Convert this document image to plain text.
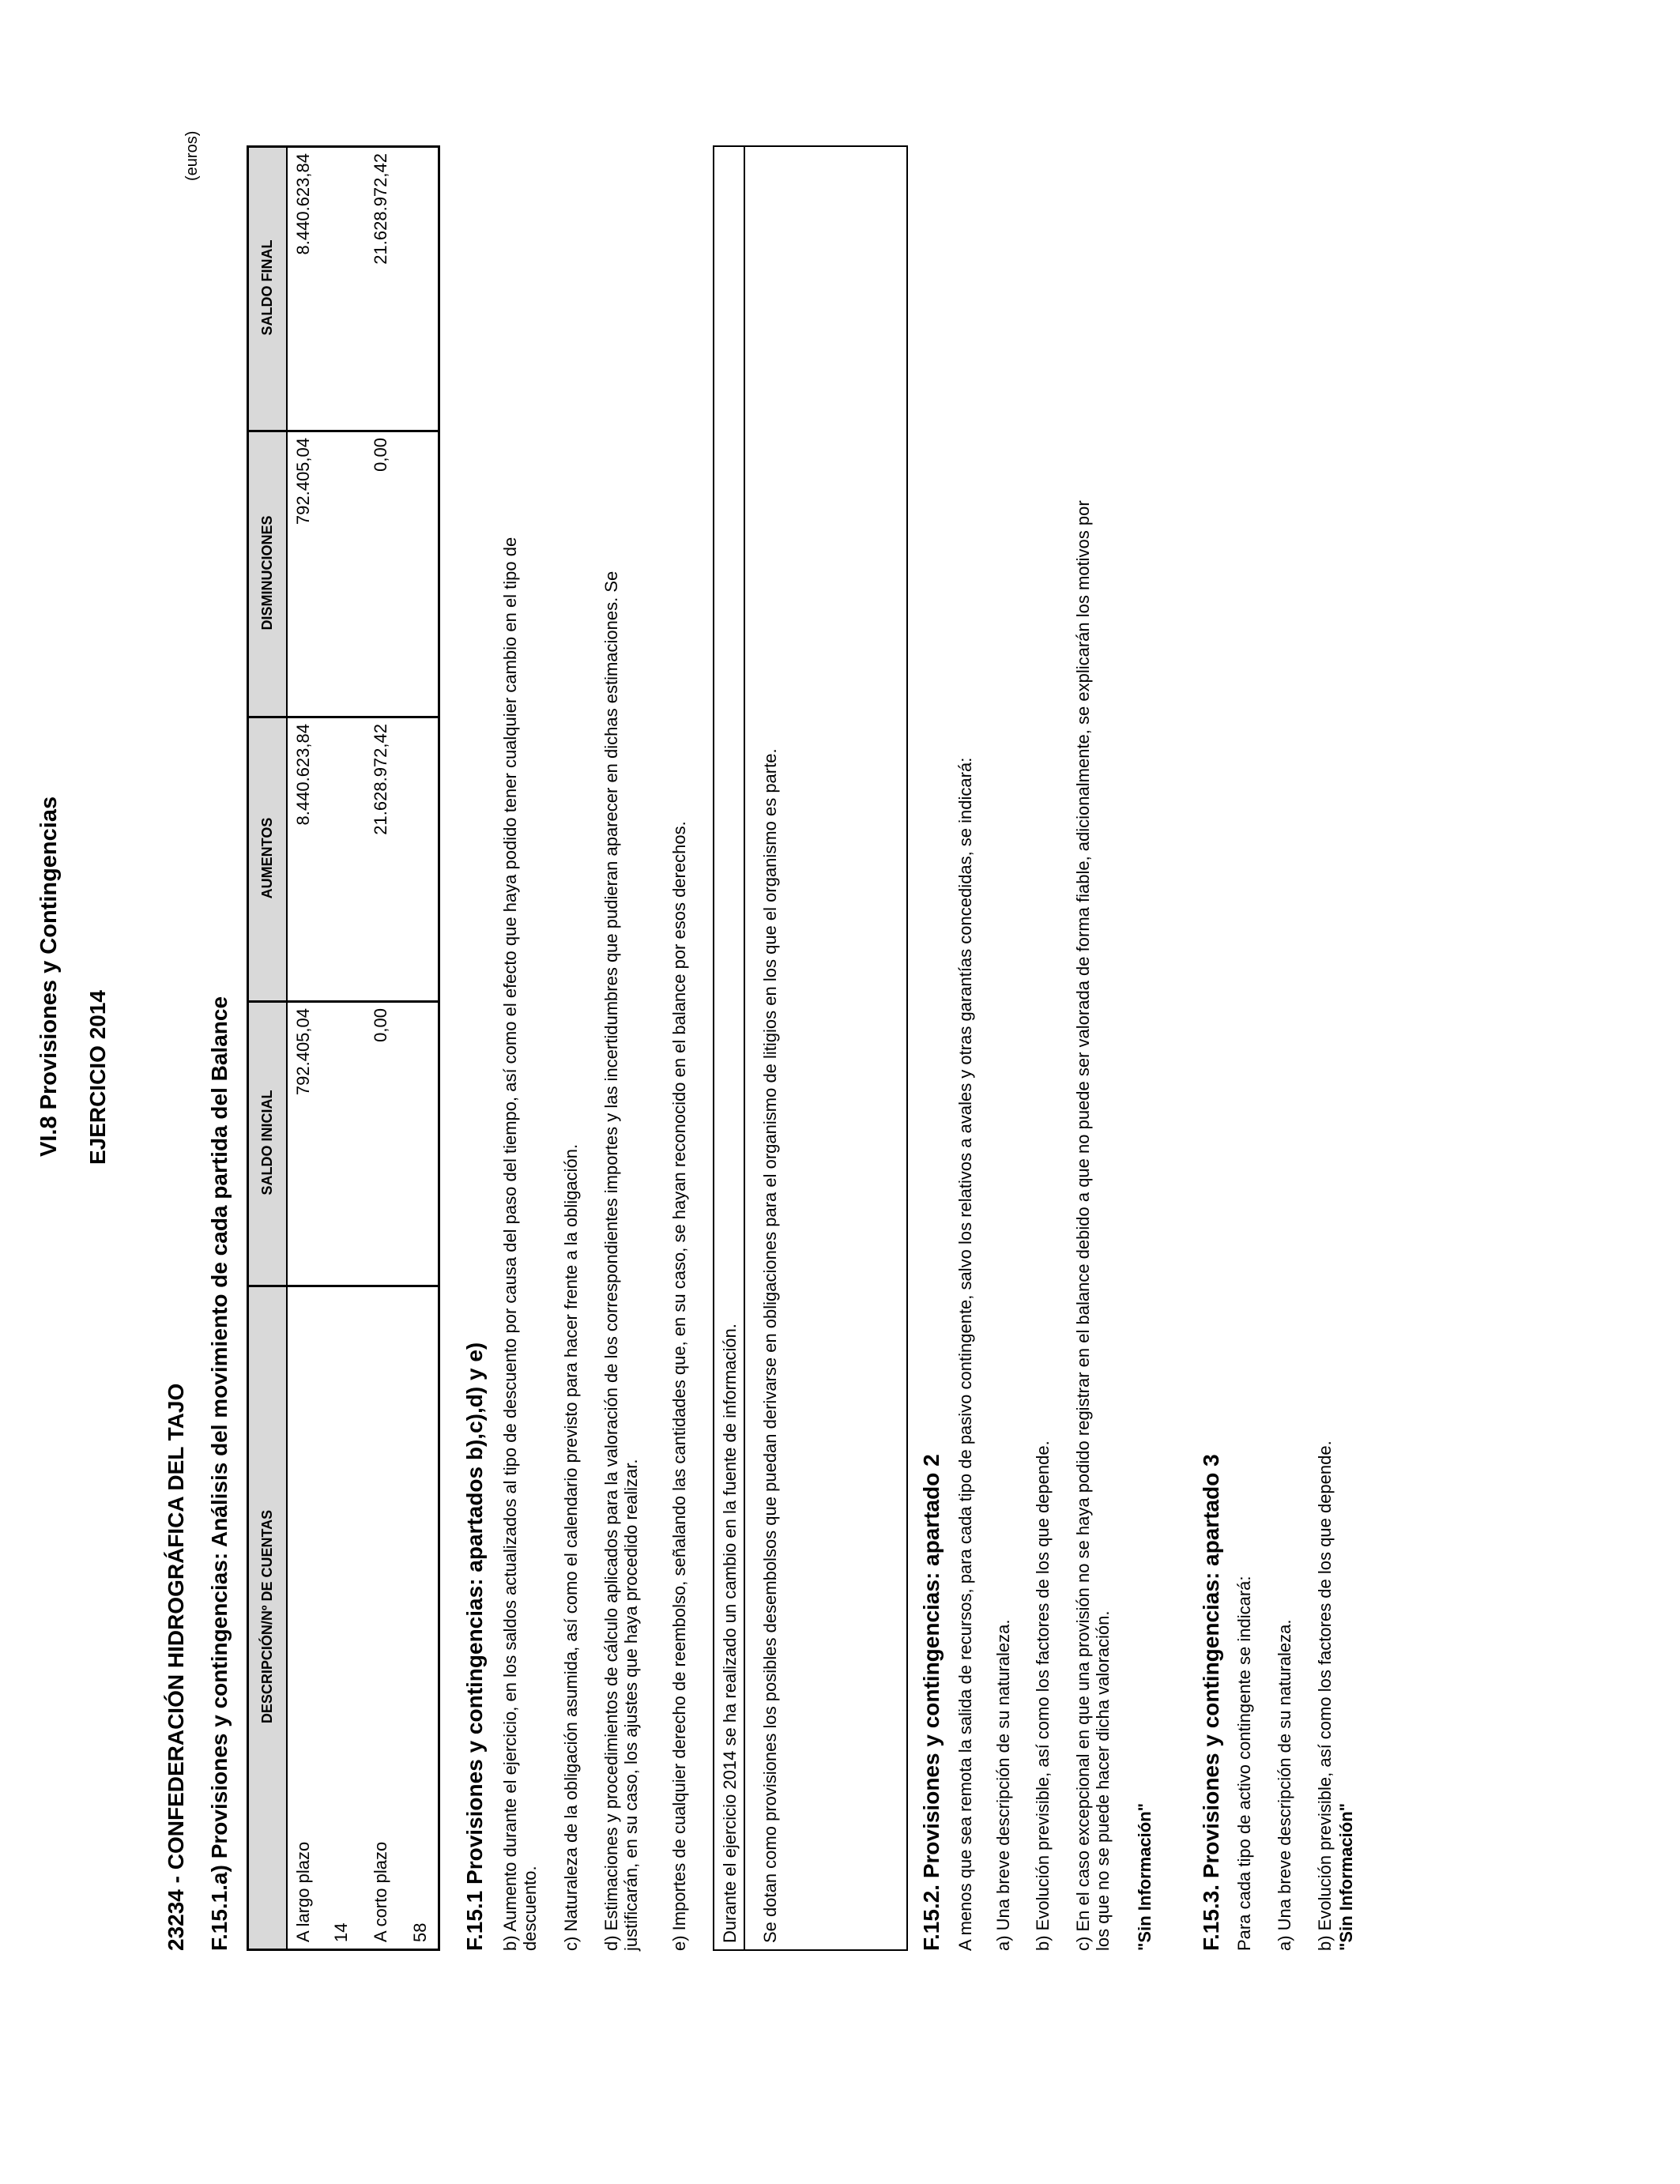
VI.8 Provisiones y Contingencias EJERCICIO 2014
(euros)
23234 - CONFEDERACIÓN HIDROGRÁFICA DEL TAJO F.15.1.a) Provisiones y contingencias: Análisis del movimiento de cada partida del Balance	DESCRIPCIÓN/Nº DE CUENTAS
SALDO INICIAL
AUMENTOS
DISMINUCIONES
SALDO FINAL
A largo plazo 14
792.405,04
8.440.623,84
792.405,04
8.440.623,84
A corto plazo 58
0,00
21.628.972,42
0,00
21.628.972,42
F.15.1 Provisiones y contingencias: apartados b),c),d) y e) b) Aumento durante el ejercicio, en los saldos actualizados al tipo de descuento por causa del paso del tiempo, así como el efecto que haya podido tener cualquier cambio en el tipo de descuento. c) Naturaleza de la obligación asumida, así como el calendario previsto para hacer frente a la obligación. d) Estimaciones y procedimientos de cálculo aplicados para la valoración de los correspondientes importes y las incertidumbres que pudieran aparecer en dichas estimaciones. Se justificarán, en su caso, los ajustes que haya procedido realizar. e) Importes de cualquier derecho de reembolso, señalando las cantidades que, en su caso, se hayan reconocido en el balance por esos derechos. Durante el ejercicio 2014 se ha realizado un cambio en la fuente de información. Se dotan como provisiones los posibles desembolsos que puedan derivarse en obligaciones para el organismo de litigios en los que el organismo es parte.	F.15.2. Provisiones y contingencias: apartado 2 A menos que sea remota la salida de recursos, para cada tipo de pasivo contingente, salvo los relativos a avales y otras garantías concedidas, se indicará: a) Una breve descripción de su naturaleza. b) Evolución previsible, así como los factores de los que depende. c) En el caso excepcional en que una provisión no se haya podido registrar en el balance debido a que no puede ser valorada de forma fiable, adicionalmente, se explicarán los motivos por los que no se puede hacer dicha valoración. "Sin Información" F.15.3. Provisiones y contingencias: apartado 3 Para cada tipo de activo contingente se indicará: a) Una breve descripción de su naturaleza. b) Evolución previsible, así como los factores de los que depende. "Sin Información"
